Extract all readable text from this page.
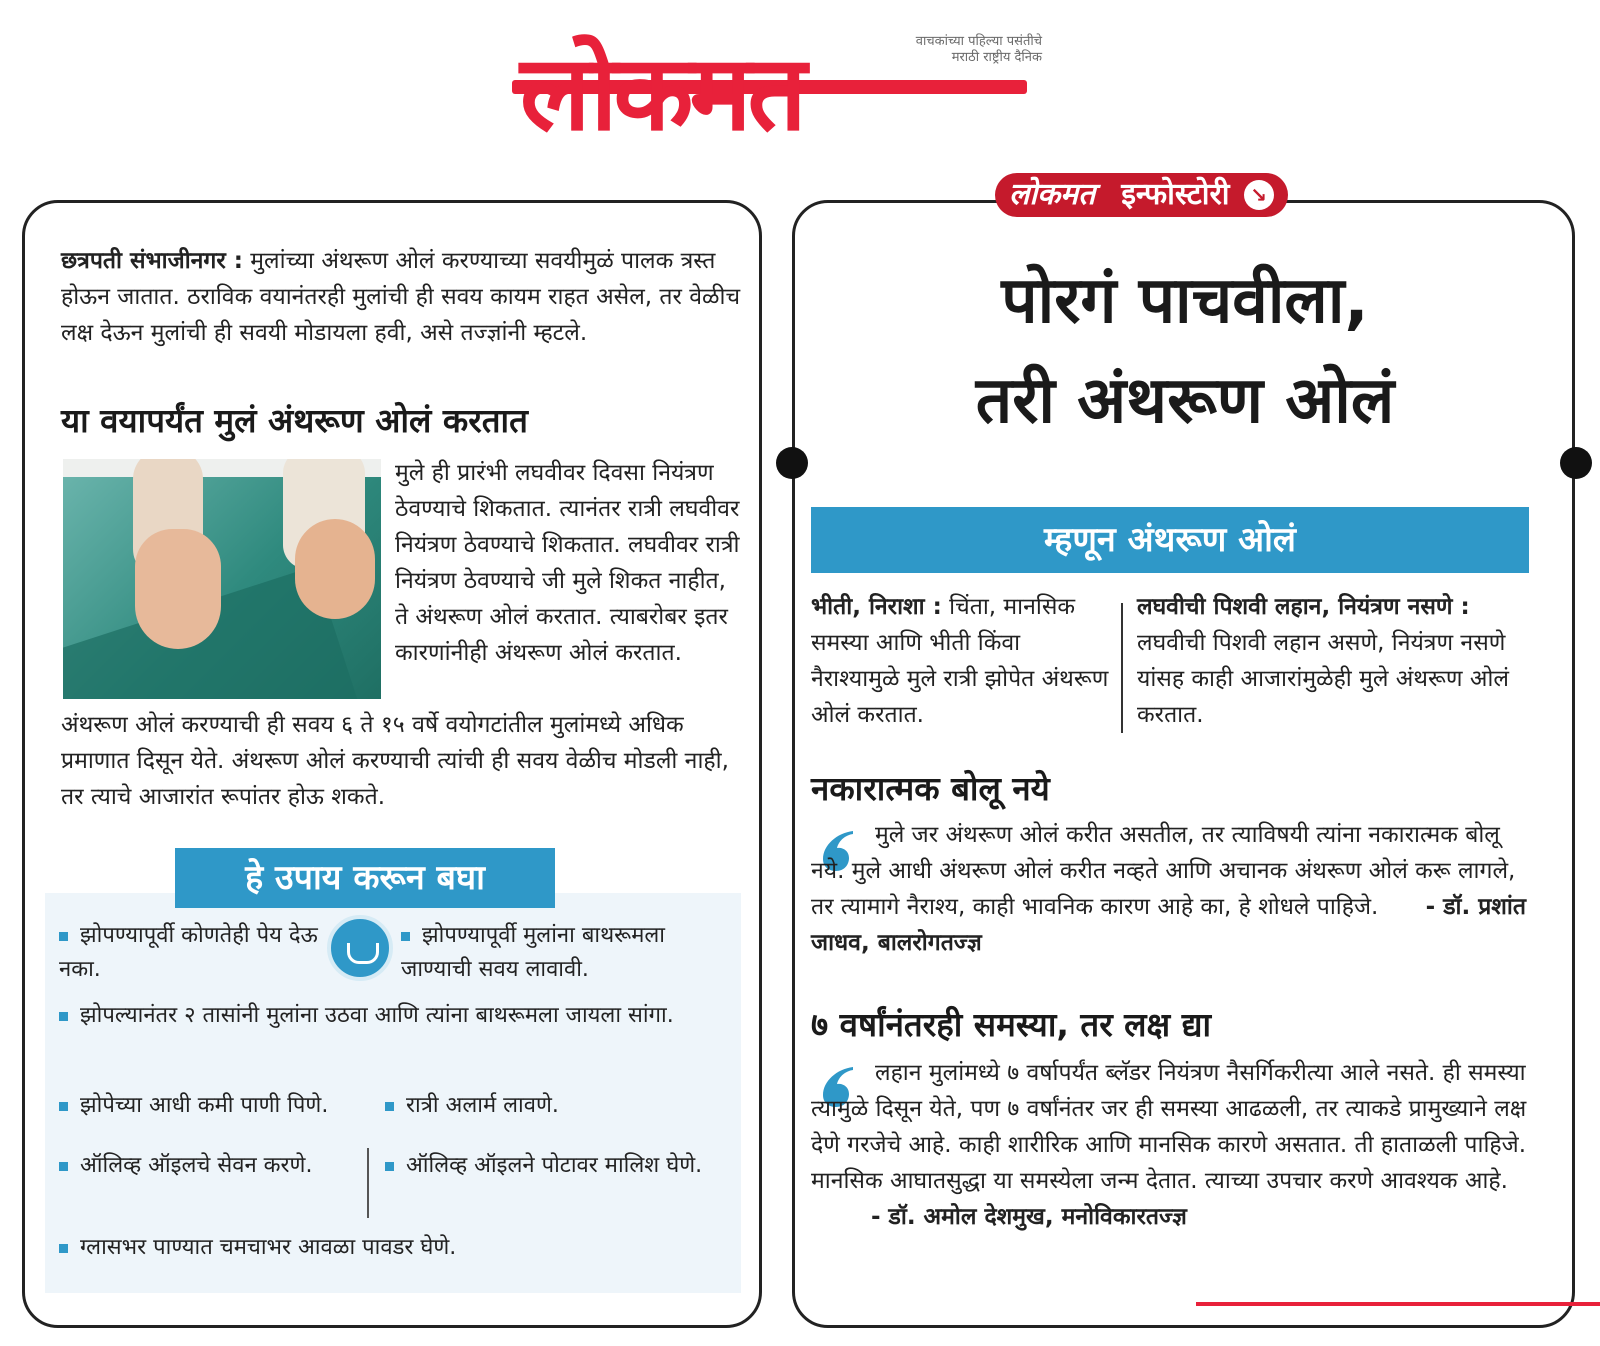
लोकमत	वाचकांच्या पहिल्या पसंतीचे
मराठी राष्ट्रीय दैनिक
छत्रपती संभाजीनगर : मुलांच्या अंथरूण ओलं करण्याच्या सवयीमुळं पालक त्रस्त होऊन जातात. ठराविक वयानंतरही मुलांची ही सवय कायम राहत असेल, तर वेळीच लक्ष देऊन मुलांची ही सवयी मोडायला हवी, असे तज्ज्ञांनी म्हटले.
या वयापर्यंत मुलं अंथरूण ओलं करतात
मुले ही प्रारंभी लघवीवर दिवसा नियंत्रण ठेवण्याचे शिकतात. त्यानंतर रात्री लघवीवर नियंत्रण ठेवण्याचे शिकतात. लघवीवर रात्री नियंत्रण ठेवण्याचे जी मुले शिकत नाहीत, ते अंथरूण ओलं करतात. त्याबरोबर इतर कारणांनीही अंथरूण ओलं करतात.
अंथरूण ओलं करण्याची ही सवय ६ ते १५ वर्षे वयोगटांतील मुलांमध्ये अधिक प्रमाणात दिसून येते. अंथरूण ओलं करण्याची त्यांची ही सवय वेळीच मोडली नाही, तर त्याचे आजारांत रूपांतर होऊ शकते.
झोपण्यापूर्वी कोणतेही पेय देऊ नका.
झोपण्यापूर्वी मुलांना बाथरूमला जाण्याची सवय लावावी.
झोपल्यानंतर २ तासांनी मुलांना उठवा आणि त्यांना बाथरूमला जायला सांगा.
झोपेच्या आधी कमी पाणी पिणे.	रात्री अलार्म लावणे.
ऑलिव्ह ऑइलचे सेवन करणे.	ऑलिव्ह ऑइलने पोटावर मालिश घेणे.
ग्लासभर पाण्यात चमचाभर आवळा पावडर घेणे.
हे उपाय करून बघा
लोकमत इन्फोस्टोरी	↘
पोरगं पाचवीला,
तरी अंथरूण ओलं
म्हणून अंथरूण ओलं
भीती, निराशा : चिंता, मानसिक समस्या आणि भीती किंवा नैराश्यामुळे मुले रात्री झोपेत अंथरूण ओलं करतात.
लघवीची पिशवी लहान, नियंत्रण नसणे : लघवीची पिशवी लहान असणे, नियंत्रण नसणे यांसह काही आजारांमुळेही मुले अंथरूण ओलं करतात.
नकारात्मक बोलू नये
मुले जर अंथरूण ओलं करीत असतील, तर त्याविषयी त्यांना नकारात्मक बोलू नये. मुले आधी अंथरूण ओलं करीत नव्हते आणि अचानक अंथरूण ओलं करू लागले, तर त्यामागे नैराश्य, काही भावनिक कारण आहे का, हे शोधले पाहिजे. - डॉ. प्रशांत जाधव, बालरोगतज्ज्ञ
७ वर्षांनंतरही समस्या, तर लक्ष द्या
लहान मुलांमध्ये ७ वर्षापर्यंत ब्लॅडर नियंत्रण नैसर्गिकरीत्या आले नसते. ही समस्या त्यामुळे दिसून येते, पण ७ वर्षांनंतर जर ही समस्या आढळली, तर त्याकडे प्रामुख्याने लक्ष देणे गरजेचे आहे. काही शारीरिक आणि मानसिक कारणे असतात. ती हाताळली पाहिजे. मानसिक आघातसुद्धा या समस्येला जन्म देतात. त्याच्या उपचार करणे आवश्यक आहे. - डॉ. अमोल देशमुख, मनोविकारतज्ज्ञ
